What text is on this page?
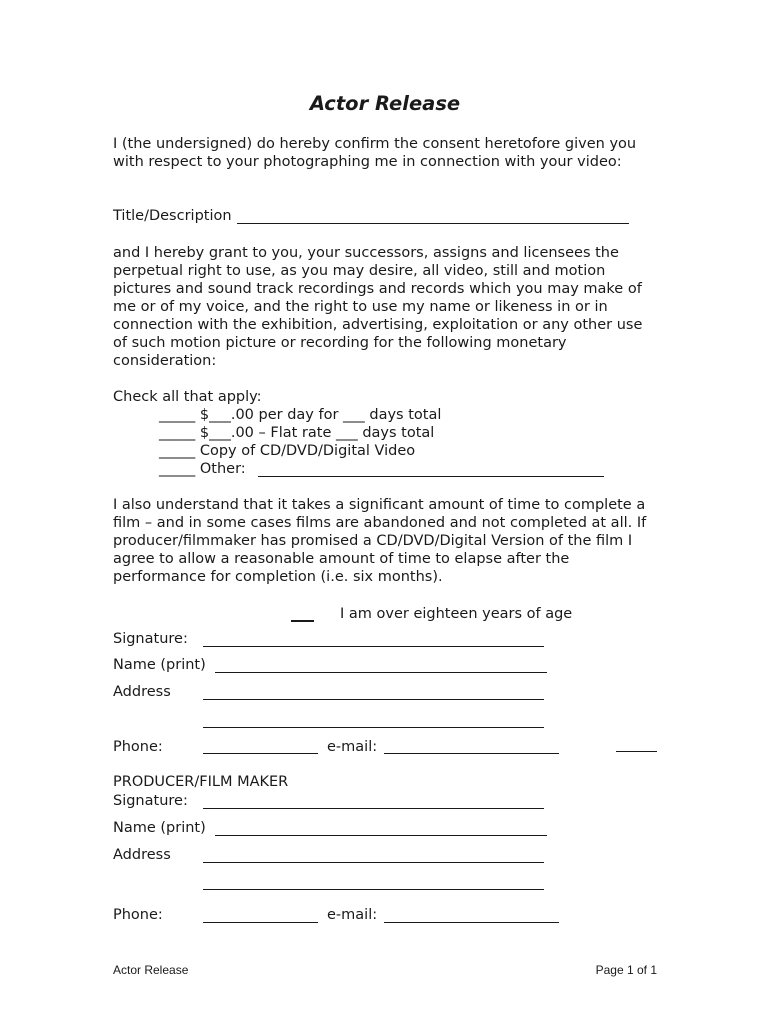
Actor Release
I (the undersigned) do hereby confirm the consent heretofore given you with respect to your photographing me in connection with your video:
Title/Description
and I hereby grant to you, your successors, assigns and licensees the perpetual right to use, as you may desire, all video, still and motion pictures and sound track recordings and records which you may make of me or of my voice, and the right to use my name or likeness in or in connection with the exhibition, advertising, exploitation or any other use of such motion picture or recording for the following monetary consideration:
Check all that apply:
_____ $___.00 per day for ___ days total
_____ $___.00 – Flat rate ___ days total
_____ Copy of CD/DVD/Digital Video
_____ Other:
I also understand that it takes a significant amount of time to complete a film – and in some cases films are abandoned and not completed at all. If producer/filmmaker has promised a CD/DVD/Digital Version of the film I agree to allow a reasonable amount of time to elapse after the performance for completion (i.e. six months).
I am over eighteen years of age
Signature:
Name (print)
Address
Phone:	e-mail:
PRODUCER/FILM MAKER
Signature:
Name (print)
Address
Phone:	e-mail:
Actor Release	Page 1 of 1
